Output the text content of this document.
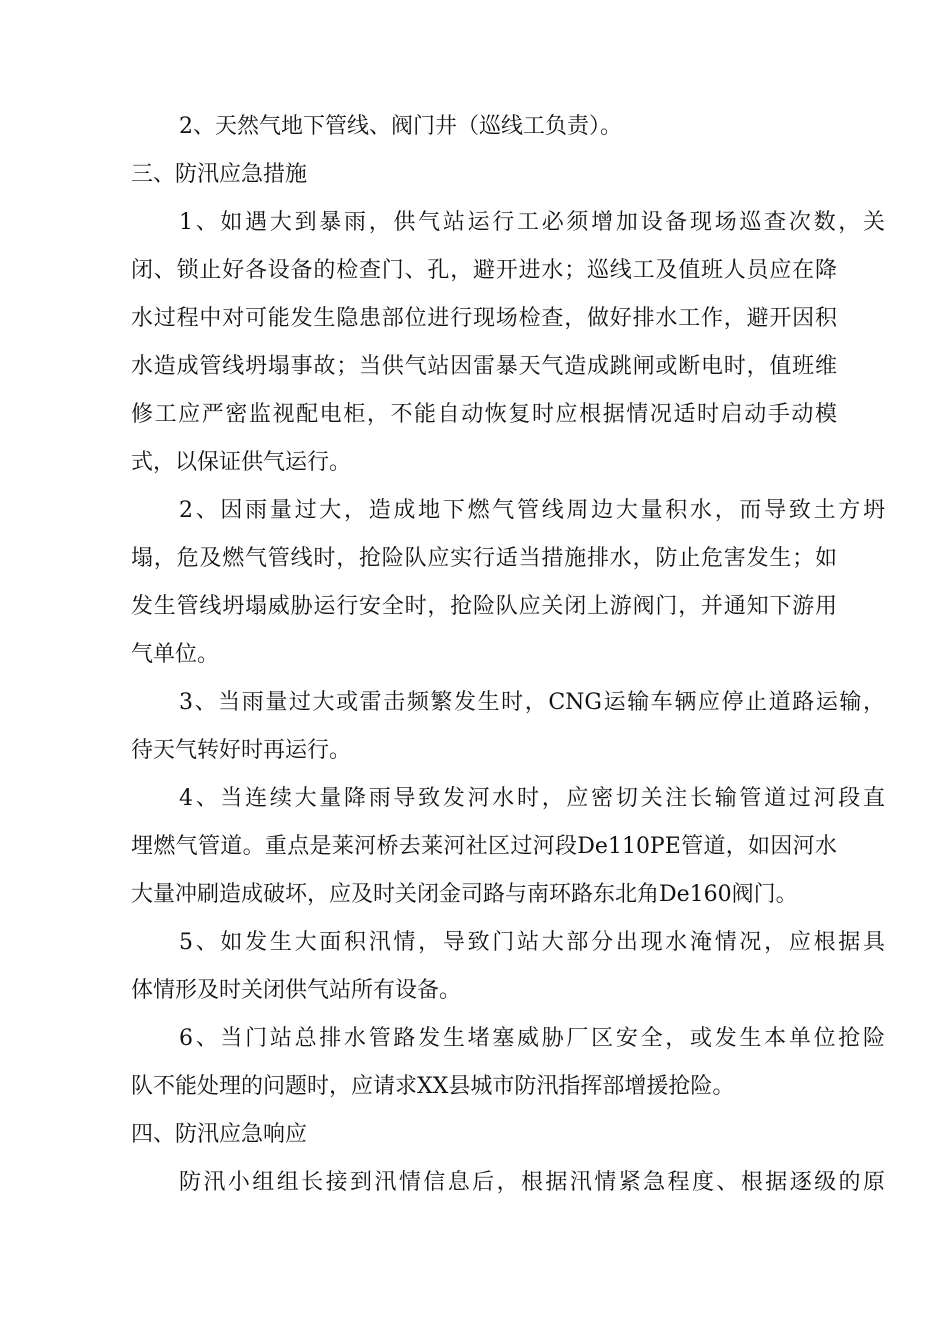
2、天然气地下管线、阀门井（巡线工负责）。
三、防汛应急措施
1、如遇大到暴雨，供气站运行工必须增加设备现场巡查次数，关
闭、锁止好各设备的检查门、孔，避开进水；巡线工及值班人员应在降
水过程中对可能发生隐患部位进行现场检查，做好排水工作，避开因积
水造成管线坍塌事故；当供气站因雷暴天气造成跳闸或断电时，值班维
修工应严密监视配电柜，不能自动恢复时应根据情况适时启动手动模
式，以保证供气运行。
2、因雨量过大，造成地下燃气管线周边大量积水，而导致土方坍
塌，危及燃气管线时，抢险队应实行适当措施排水，防止危害发生；如
发生管线坍塌威胁运行安全时，抢险队应关闭上游阀门，并通知下游用
气单位。
3、当雨量过大或雷击频繁发生时，CNG运输车辆应停止道路运输，
待天气转好时再运行。
4、当连续大量降雨导致发河水时，应密切关注长输管道过河段直
埋燃气管道。重点是莱河桥去莱河社区过河段De110PE管道，如因河水
大量冲刷造成破坏，应及时关闭金司路与南环路东北角De160阀门。
5、如发生大面积汛情，导致门站大部分出现水淹情况，应根据具
体情形及时关闭供气站所有设备。
6、当门站总排水管路发生堵塞威胁厂区安全，或发生本单位抢险
队不能处理的问题时，应请求XX县城市防汛指挥部增援抢险。
四、防汛应急响应
防汛小组组长接到汛情信息后，根据汛情紧急程度、根据逐级的原
